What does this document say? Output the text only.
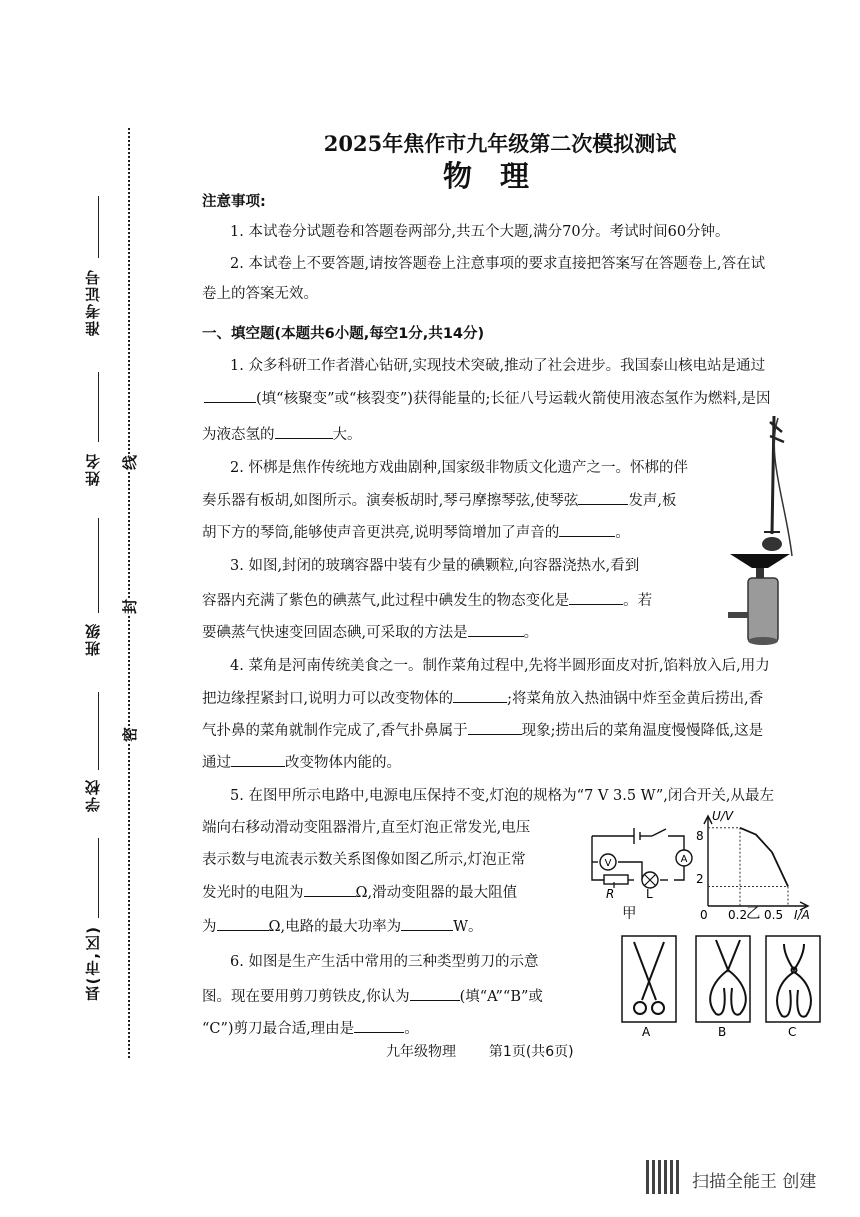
准考证号
姓名
班级
学校
县(市,区)
线
封
密
2025年焦作市九年级第二次模拟测试
物理
注意事项:
1. 本试卷分试题卷和答题卷两部分,共五个大题,满分70分。考试时间60分钟。
2. 本试卷上不要答题,请按答题卷上注意事项的要求直接把答案写在答题卷上,答在试
卷上的答案无效。
一、填空题(本题共6小题,每空1分,共14分)
1. 众多科研工作者潜心钻研,实现技术突破,推动了社会进步。我国泰山核电站是通过
(填“核聚变”或“核裂变”)获得能量的;长征八号运载火箭使用液态氢作为燃料,是因
为液态氢的	大。
2. 怀梆是焦作传统地方戏曲剧种,国家级非物质文化遗产之一。怀梆的伴
奏乐器有板胡,如图所示。演奏板胡时,琴弓摩擦琴弦,使琴弦	发声,板
胡下方的琴筒,能够使声音更洪亮,说明琴筒增加了声音的	。
3. 如图,封闭的玻璃容器中装有少量的碘颗粒,向容器浇热水,看到
容器内充满了紫色的碘蒸气,此过程中碘发生的物态变化是	。若
要碘蒸气快速变回固态碘,可采取的方法是	。
4. 菜角是河南传统美食之一。制作菜角过程中,先将半圆形面皮对折,馅料放入后,用力
把边缘捏紧封口,说明力可以改变物体的	;将菜角放入热油锅中炸至金黄后捞出,香
气扑鼻的菜角就制作完成了,香气扑鼻属于	现象;捞出后的菜角温度慢慢降低,这是
通过	改变物体内能的。
5. 在图甲所示电路中,电源电压保持不变,灯泡的规格为“7 V 3.5 W”,闭合开关,从最左
端向右移动滑动变阻器滑片,直至灯泡正常发光,电压
表示数与电流表示数关系图像如图乙所示,灯泡正常
发光时的电阻为	Ω,滑动变阻器的最大阻值
为	Ω,电路的最大功率为	W。
6. 如图是生产生活中常用的三种类型剪刀的示意
图。现在要用剪刀剪铁皮,你认为	(填“A”“B”或
“C”)剪刀最合适,理由是	。
V	A
R	L
甲
U/V
8
2
0 0.2 0.5 I/A
乙
A	B	C
九年级物理 第1页(共6页)
扫描全能王 创建
